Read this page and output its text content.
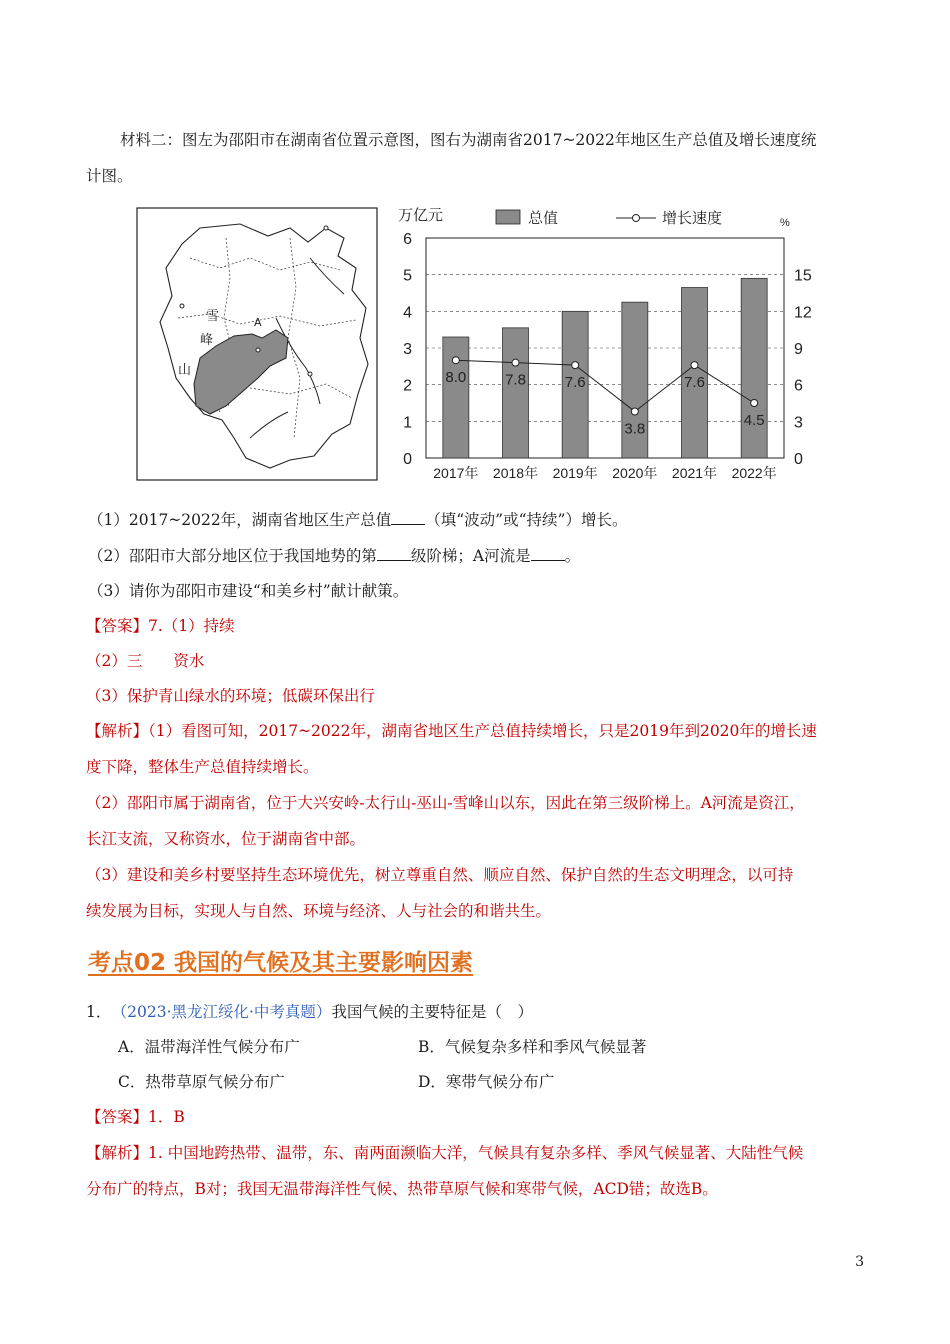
材料二：图左为邵阳市在湖南省位置示意图，图右为湖南省2017~2022年地区生产总值及增长速度统
计图。
雪
峰
山
A
万亿元	总值	增长速度	%
8.0	7.8	7.6
3.8
7.6
4.5
0
1
2
3
4
5
6
0
3
6
9
12
15
2017年 2018年 2019年 2020年 2021年 2022年
（1）2017~2022年，湖南省地区生产总值 （填“波动”或“持续”）增长。
（2）邵阳市大部分地区位于我国地势的第 级阶梯；A河流是 。
（3）请你为邵阳市建设“和美乡村”献计献策。
【答案】7.（1）持续
（2）三　　资水
（3）保护青山绿水的环境；低碳环保出行
【解析】（1）看图可知，2017~2022年，湖南省地区生产总值持续增长，只是2019年到2020年的增长速
度下降，整体生产总值持续增长。
（2）邵阳市属于湖南省，位于大兴安岭-太行山-巫山-雪峰山以东，因此在第三级阶梯上。A河流是资江，
长江支流，又称资水，位于湖南省中部。
（3）建设和美乡村要坚持生态环境优先，树立尊重自然、顺应自然、保护自然的生态文明理念，以可持
续发展为目标，实现人与自然、环境与经济、人与社会的和谐共生。
考点02 我国的气候及其主要影响因素
1． （2023·黑龙江绥化·中考真题）我国气候的主要特征是（　）
A．温带海洋性气候分布广	B．气候复杂多样和季风气候显著
C．热带草原气候分布广	D．寒带气候分布广
【答案】1．B
【解析】1. 中国地跨热带、温带，东、南两面濒临大洋，气候具有复杂多样、季风气候显著、大陆性气候
分布广的特点，B对；我国无温带海洋性气候、热带草原气候和寒带气候，ACD错；故选B。
3
